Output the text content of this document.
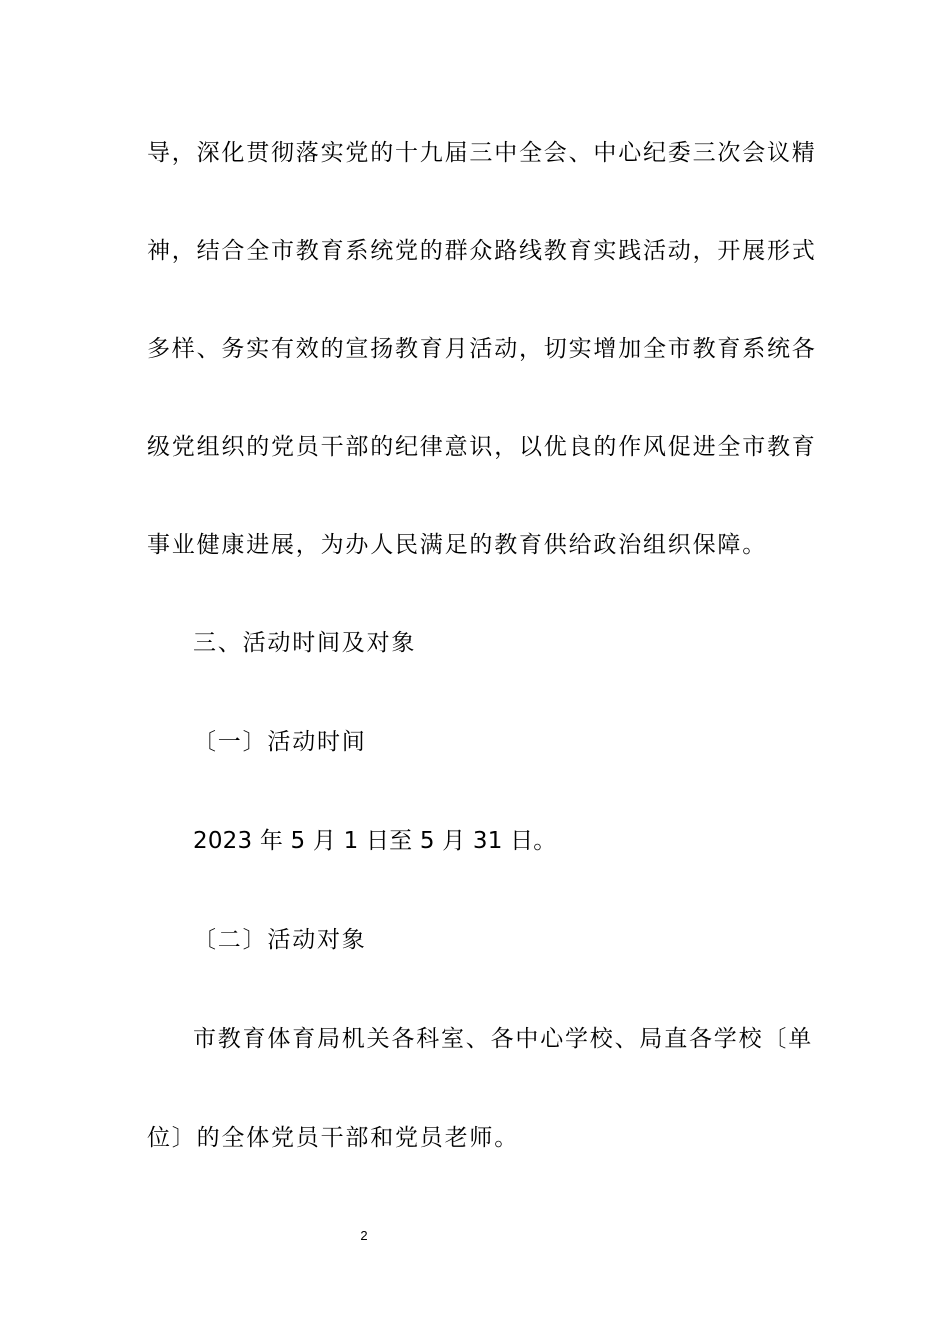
导，深化贯彻落实党的十九届三中全会、中心纪委三次会议精
神，结合全市教育系统党的群众路线教育实践活动，开展形式
多样、务实有效的宣扬教育月活动，切实增加全市教育系统各
级党组织的党员干部的纪律意识，以优良的作风促进全市教育
事业健康进展，为办人民满足的教育供给政治组织保障。
三、活动时间及对象
〔一〕活动时间
2023 年 5 月 1 日至 5 月 31 日。
〔二〕活动对象
市教育体育局机关各科室、各中心学校、局直各学校〔单
位〕的全体党员干部和党员老师。
2
